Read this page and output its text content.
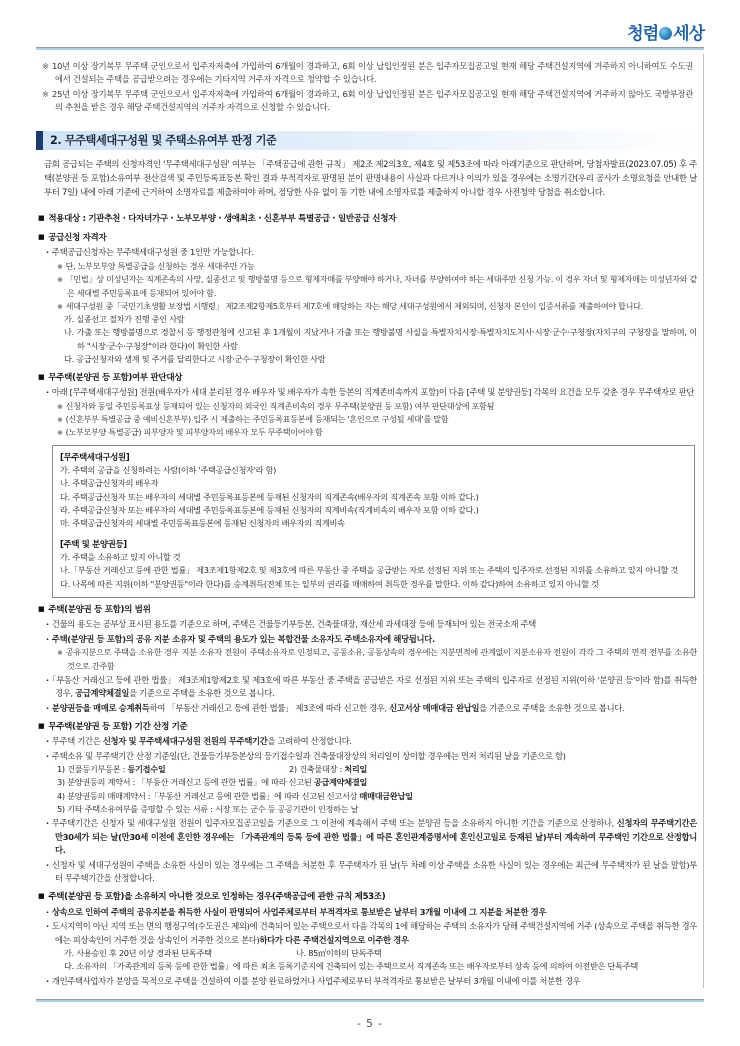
청렴 세상
※ 10년 이상 장기복무 무주택 군인으로서 입주자저축에 가입하여 6개월이 경과하고, 6회 이상 납입인정된 분은 입주자모집공고일 현재 해당 주택건설지역에 거주하지 아니하여도 수도권에서 건설되는 주택을 공급받으려는 경우에는 기타지역 거주자 자격으로 청약할 수 있습니다.
※ 25년 이상 장기복무 무주택 군인으로서 입주자저축에 가입하여 6개월이 경과하고, 6회 이상 납입인정된 분은 입주자모집공고일 현재 해당 주택건설지역에 거주하지 않아도 국방부장관의 추천을 받은 경우 해당 주택건설지역의 거주자 자격으로 신청할 수 있습니다.
2. 무주택세대구성원 및 주택소유여부 판정 기준
금회 공급되는 주택의 신청자격인 '무주택세대구성원' 여부는 「주택공급에 관한 규칙」 제2조 제2의3호, 제4호 및 제53조에 따라 아래기준으로 판단하며, 당첨자발표(2023.07.05) 후 주택(분양권 등 포함)소유여부 전산검색 및 주민등록표등본 확인 결과 부적격자로 판명된 분이 판명내용이 사실과 다르거나 이의가 있을 경우에는 소명기간(우리 공사가 소명요청을 안내한 날부터 7일) 내에 아래 기준에 근거하여 소명자료를 제출하여야 하며, 정당한 사유 없이 동 기한 내에 소명자료를 제출하지 아니할 경우 사전청약 당첨을 취소합니다.
■ 적용대상 : 기관추천 · 다자녀가구 · 노부모부양 · 생애최초 · 신혼부부 특별공급 · 일반공급 신청자
■ 공급신청 자격자
· 주택공급신청자는 무주택세대구성원 중 1인만 가능합니다.
※ 단, 노부모부양 특별공급을 신청하는 경우 세대주만 가능
※ 「민법」상 미성년자는 직계존속의 사망, 실종선고 및 행방불명 등으로 형제자매를 부양해야 하거나, 자녀를 부양하여야 하는 세대주만 신청 가능. 이 경우 자녀 및 형제자매는 미성년자와 같은 세대별 주민등록표에 등재되어 있어야 함.
※ 세대구성원 중「국민기초생활 보장법 시행령」 제2조제2항제5호부터 제7호에 해당하는 자는 해당 세대구성원에서 제외되며, 신청자 본인이 입증서류를 제출하여야 합니다.
가. 실종선고 절차가 진행 중인 사람
나. 가출 또는 행방불명으로 경찰서 등 행정관청에 신고된 후 1개월이 지났거나 가출 또는 행방불명 사실을 특별자치시장·특별자치도지사·시장·군수·구청장(자치구의 구청장을 말하며, 이하 "시장·군수·구청장"이라 한다)이 확인한 사람
다. 공급신청자와 생계 및 주거를 달리한다고 시장·군수·구청장이 확인한 사람
■ 무주택(분양권 등 포함)여부 판단대상
· 아래 [무주택세대구성원] 전원(배우자가 세대 분리된 경우 배우자 및 배우자가 속한 등본의 직계존비속까지 포함)이 다음 [주택 및 분양권등] 각목의 요건을 모두 갖춘 경우 무주택자로 판단
※ 신청자와 동일 주민등록표상 등재되어 있는 신청자의 외국인 직계존비속의 경우 무주택(분양권 등 포함) 여부 판단대상에 포함됨
※ (신혼부부 특별공급 중 예비신혼부부) 입주 시 제출하는 주민등록표등본에 등재되는 '혼인으로 구성될 세대'를 말함
※ (노부모부양 특별공급) 피부양자 및 피부양자의 배우자 모두 무주택이어야 함
[무주택세대구성원]
가. 주택의 공급을 신청하려는 사람(이하 '주택공급신청자'라 함)
나. 주택공급신청자의 배우자
다. 주택공급신청자 또는 배우자의 세대별 주민등록표등본에 등재된 신청자의 직계존속(배우자의 직계존속 포함 이하 같다.)
라. 주택공급신청자 또는 배우자의 세대별 주민등록표등본에 등재된 신청자의 직계비속(직계비속의 배우자 포함 이하 같다.)
마. 주택공급신청자의 세대별 주민등록표등본에 등재된 신청자의 배우자의 직계비속
[주택 및 분양권등]
가. 주택을 소유하고 있지 아니할 것
나.「부동산 거래신고 등에 관한 법률」 제3조제1항제2호 및 제3호에 따른 부동산 중 주택을 공급받는 자로 선정된 지위 또는 주택의 입주자로 선정된 지위를 소유하고 있지 아니할 것
다. 나목에 따른 지위(이하 "분양권등"이라 한다)를 승계취득(전체 또는 일부의 권리를 매매하여 취득한 경우를 말한다. 이하 같다)하여 소유하고 있지 아니할 것
■ 주택(분양권 등 포함)의 범위
· 건물의 용도는 공부상 표시된 용도를 기준으로 하며, 주택은 건물등기부등본, 건축물대장, 재산세 과세대장 등에 등재되어 있는 전국소재 주택
· 주택(분양권 등 포함)의 공유 지분 소유자 및 주택의 용도가 있는 복합건물 소유자도 주택소유자에 해당됩니다.
※ 공유지분으로 주택을 소유한 경우 지분 소유자 전원이 주택소유자로 인정되고, 공동소유, 공동상속의 경우에는 지분면적에 관계없이 지분소유자 전원이 각각 그 주택의 면적 전부를 소유한 것으로 간주함
· 「부동산 거래신고 등에 관한 법률」 제3조제1항제2호 및 제3호에 따른 부동산 중 주택을 공급받은 자로 선정된 지위 또는 주택의 입주자로 선정된 지위(이하 '분양권 등'이라 함)를 취득한 경우, 공급계약체결일을 기준으로 주택을 소유한 것으로 봅니다.
· 분양권등을 매매로 승계취득하여 「부동산 거래신고 등에 관한 법률」 제3조에 따라 신고한 경우, 신고서상 매매대금 완납일을 기준으로 주택을 소유한 것으로 봅니다.
■ 무주택(분양권 등 포함) 기간 산정 기준
· 무주택 기간은 신청자 및 무주택세대구성원 전원의 무주택기간을 고려하여 산정합니다.
· 주택소유 및 무주택기간 산정 기준일(단, 건물등기부등본상의 등기접수일과 건축물대장상의 처리일이 상이할 경우에는 먼저 처리된 날을 기준으로 함)
1) 건물등기부등본 : 등기접수일	2) 건축물대장 : 처리일
3) 분양권등의 계약서 : 「부동산 거래신고 등에 관한 법률」에 따라 신고된 공급계약체결일
4) 분양권등의 매매계약서 :「부동산 거래신고 등에 관한 법률」에 따라 신고된 신고서상 매매대금완납일
5) 기타 주택소유여부를 증명할 수 있는 서류 : 시장 또는 군수 등 공공기관이 인정하는 날
· 무주택기간은 신청자 및 세대구성원 전원이 입주자모집공고일을 기준으로 그 이전에 계속해서 주택 또는 분양권 등을 소유하지 아니한 기간을 기준으로 산정하나, 신청자의 무주택기간은 만30세가 되는 날(만30세 이전에 혼인한 경우에는 「가족관계의 등록 등에 관한 법률」에 따른 혼인관계증명서에 혼인신고일로 등재된 날)부터 계속하여 무주택인 기간으로 산정합니다.
· 신청자 및 세대구성원이 주택을 소유한 사실이 있는 경우에는 그 주택을 처분한 후 무주택자가 된 날(두 차례 이상 주택을 소유한 사실이 있는 경우에는 최근에 무주택자가 된 날을 말함)부터 무주택기간을 산정합니다.
■ 주택(분양권 등 포함)을 소유하지 아니한 것으로 인정하는 경우(주택공급에 관한 규칙 제53조)
· 상속으로 인하여 주택의 공유지분을 취득한 사실이 판명되어 사업주체로부터 부적격자로 통보받은 날부터 3개월 이내에 그 지분을 처분한 경우
· 도시지역이 아닌 지역 또는 면의 행정구역(수도권은 제외)에 건축되어 있는 주택으로서 다음 각목의 1에 해당하는 주택의 소유자가 당해 주택건설지역에 거주 (상속으로 주택을 취득한 경우에는 피상속인이 거주한 것을 상속인이 거주한 것으로 본다)하다가 다른 주택건설지역으로 이주한 경우
가. 사용승인 후 20년 이상 경과된 단독주택	나. 85㎡이하의 단독주택
다. 소유자의 「가족관계의 등록 등에 관한 법률」에 따른 최초 등록기준지에 건축되어 있는 주택으로서 직계존속 또는 배우자로부터 상속 등에 의하여 이전받은 단독주택
· 개인주택사업자가 분양을 목적으로 주택을 건설하여 이를 분양 완료하였거나 사업주체로부터 부적격자로 통보받은 날부터 3개월 이내에 이를 처분한 경우
- 5 -
